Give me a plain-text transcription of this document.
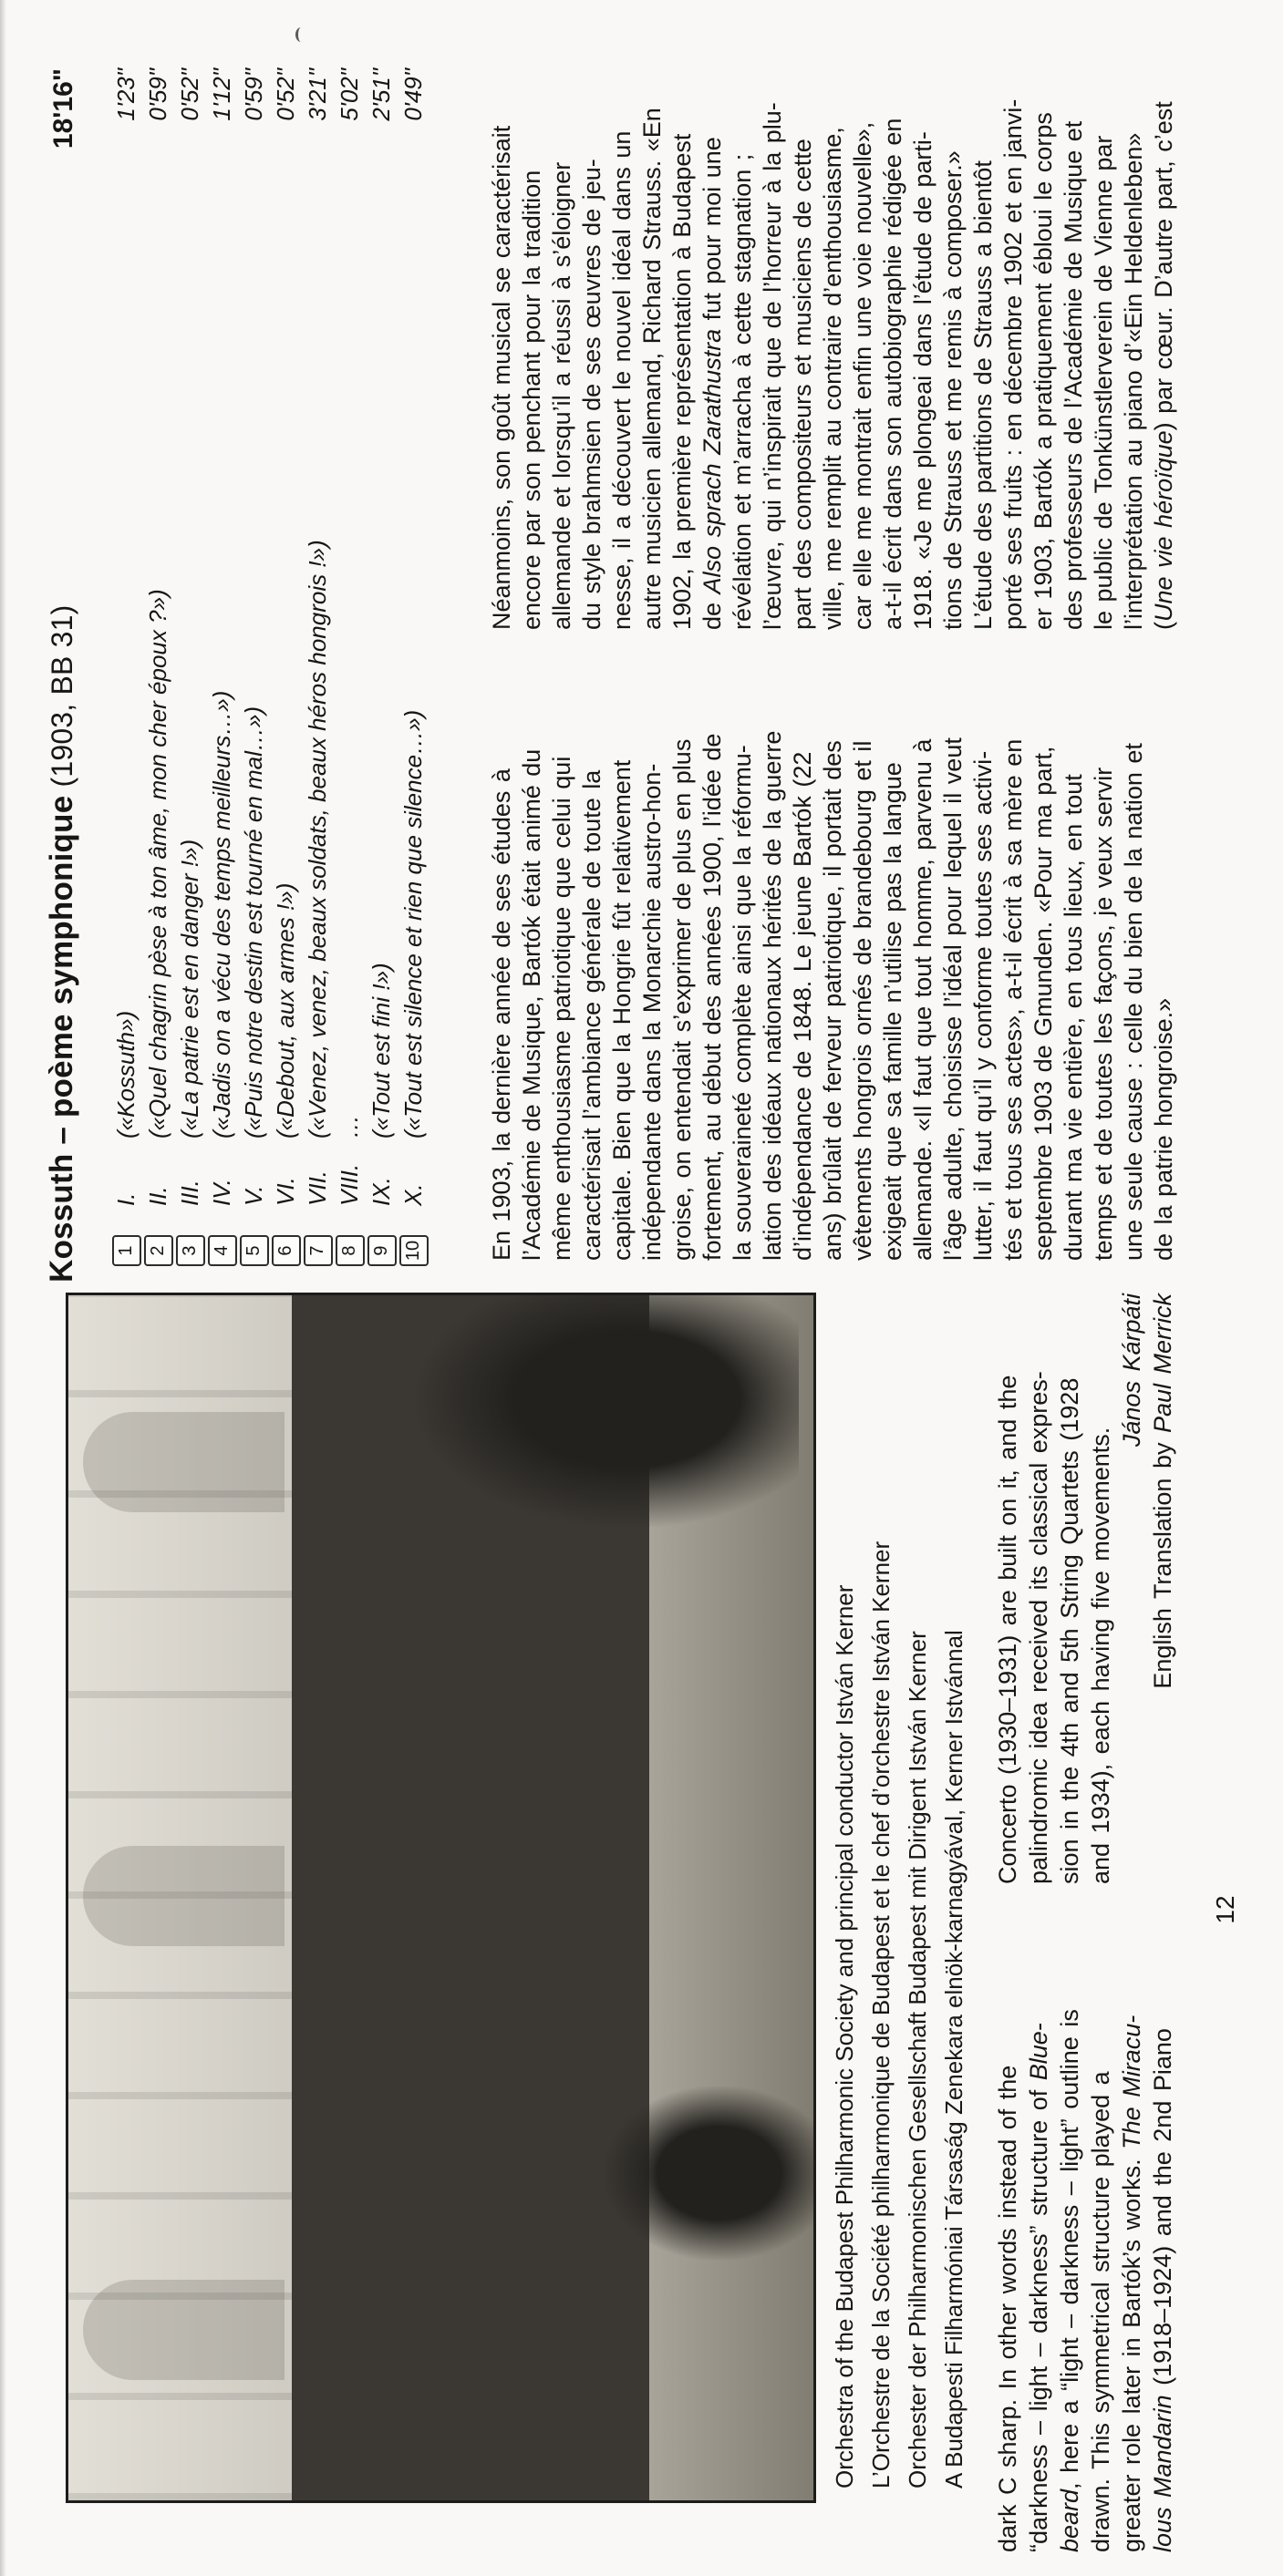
Orchestra of the Budapest Philharmonic Society and principal conductor István Kerner L’Orchestre de la Société philharmonique de Budapest et le chef d’orchestre István Kerner Orchester der Philharmonischen Gesellschaft Budapest mit Dirigent István Kerner A Budapesti Filharmóniai Társaság Zenekara elnök-karnagyával, Kerner Istvánnal dark C sharp. In other words instead of the “darkness – light – darkness” structure of Blue-
beard, here a “light – darkness – light” outline is drawn. This symmetrical structure played a greater role later in Bartók’s works. The Miracu-
lous Mandarin (1918–1924) and the 2nd Piano
Concerto (1930–1931) are built on it, and the palindromic idea received its classical expres- sion in the 4th and 5th String Quartets (1928 and 1934), each having five movements.
János Kárpáti
English Translation by Paul Merrick
12
Kossuth – poème symphonique (1903, BB 31)
18'16"
1
I.
(«Kossuth»)
1'23"
2
II.
(«Quel chagrin pèse à ton âme, mon cher époux ?»)
0'59"
3
III.
(«La patrie est en danger !»)
0'52"
4
IV.
(«Jadis on a vécu des temps meilleurs…»)
1'12"
5
V.
(«Puis notre destin est tourné en mal…»)
0'59"
6
VI.
(«Debout, aux armes !»)
0'52"
7
VII.
(«Venez, venez, beaux soldats, beaux héros hongrois !»)
3'21"
8
VIII.
…
5'02"
9
IX.
(«Tout est fini !»)
2'51"
10
X.
(«Tout est silence et rien que silence…»)
0'49"
En 1903, la dernière année de ses études à l’Académie de Musique, Bartók était animé du même enthousiasme patriotique que celui qui caractérisait l’ambiance générale de toute la capitale. Bien que la Hongrie fût relativement indépendante dans la Monarchie austro-hon- groise, on entendait s’exprimer de plus en plus fortement, au début des années 1900, l’idée de la souveraineté complète ainsi que la réformu- lation des idéaux nationaux hérités de la guerre d’indépendance de 1848. Le jeune Bartók (22 ans) brûlait de ferveur patriotique, il portait des vêtements hongrois ornés de brandebourg et il exigeait que sa famille n’utilise pas la langue allemande. «Il faut que tout homme, parvenu à l’âge adulte, choisisse l’idéal pour lequel il veut lutter, il faut qu’il y conforme toutes ses activi- tés et tous ses actes», a-t-il écrit à sa mère en septembre 1903 de Gmunden. «Pour ma part, durant ma vie entière, en tous lieux, en tout temps et de toutes les façons, je veux servir une seule cause : celle du bien de la nation et de la patrie hongroise.»
Néanmoins, son goût musical se caractérisait encore par son penchant pour la tradition allemande et lorsqu’il a réussi à s’éloigner du style brahmsien de ses œuvres de jeu- nesse, il a découvert le nouvel idéal dans un autre musicien allemand, Richard Strauss. «En 1902, la première représentation à Budapest de Also sprach Zarathustra fut pour moi une révélation et m’arracha à cette stagnation ; l’œuvre, qui n’inspirait que de l’horreur à la plu- part des compositeurs et musiciens de cette ville, me remplit au contraire d’enthousiasme, car elle me montrait enfin une voie nouvelle», a-t-il écrit dans son autobiographie rédigée en 1918. «Je me plongeai dans l’étude de parti- tions de Strauss et me remis à composer.» L’étude des partitions de Strauss a bientôt porté ses fruits : en décembre 1902 et en janvi- er 1903, Bartók a pratiquement ébloui le corps des professeurs de l’Académie de Musique et le public de Tonkünstlerverein de Vienne par l’interprétation au piano d’«Ein Heldenleben» (Une vie héroïque) par cœur. D’autre part, c’est
